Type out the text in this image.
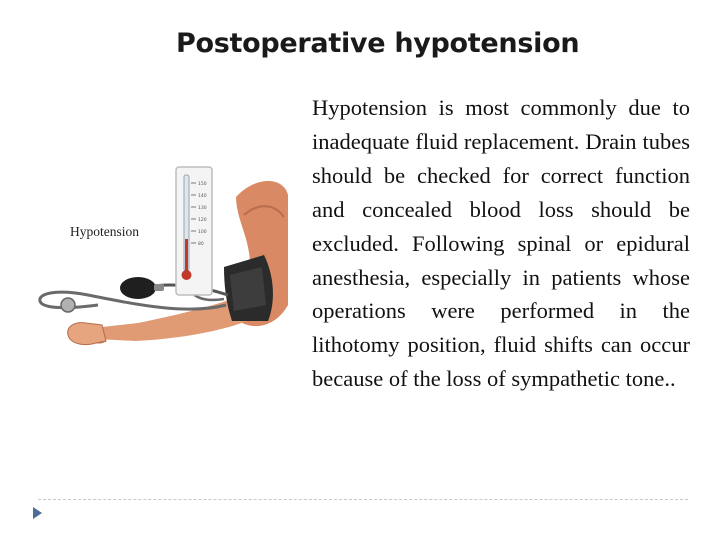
Postoperative hypotension
150
140
130
120
100
80
Hypotension

Hypotension is most commonly due to inadequate fluid replacement. Drain tubes should be checked for correct function and concealed blood loss should be excluded. Following spinal or epidural anesthesia, especially in patients whose operations were performed in the lithotomy position, fluid shifts can occur because of the loss of sympathetic tone..
